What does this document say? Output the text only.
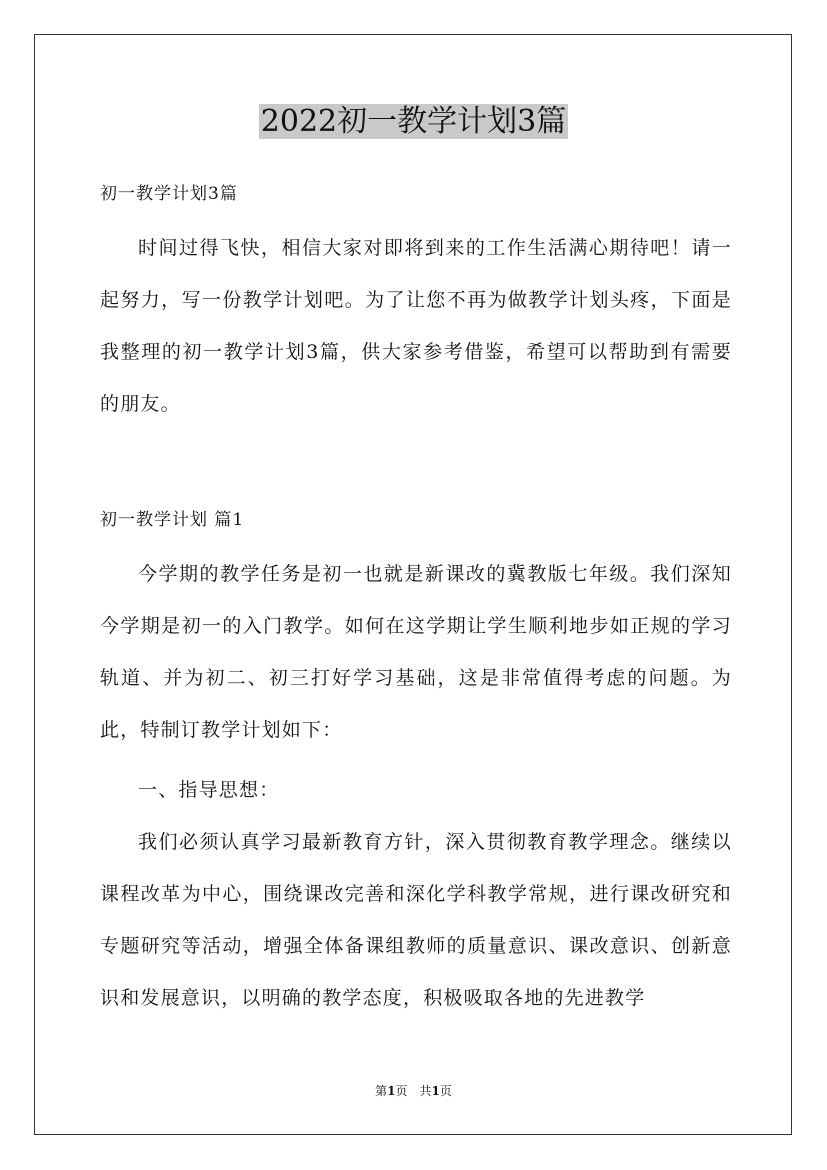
2022初一教学计划3篇
初一教学计划3篇
时间过得飞快，相信大家对即将到来的工作生活满心期待吧！请一起努力，写一份教学计划吧。为了让您不再为做教学计划头疼，下面是我整理的初一教学计划3篇，供大家参考借鉴，希望可以帮助到有需要的朋友。
初一教学计划 篇1
今学期的教学任务是初一也就是新课改的冀教版七年级。我们深知今学期是初一的入门教学。如何在这学期让学生顺利地步如正规的学习轨道、并为初二、初三打好学习基础，这是非常值得考虑的问题。为此，特制订教学计划如下：
一、指导思想：
我们必须认真学习最新教育方针，深入贯彻教育教学理念。继续以课程改革为中心，围绕课改完善和深化学科教学常规，进行课改研究和专题研究等活动，增强全体备课组教师的质量意识、课改意识、创新意识和发展意识，以明确的教学态度，积极吸取各地的先进教学
第1页　共1页
